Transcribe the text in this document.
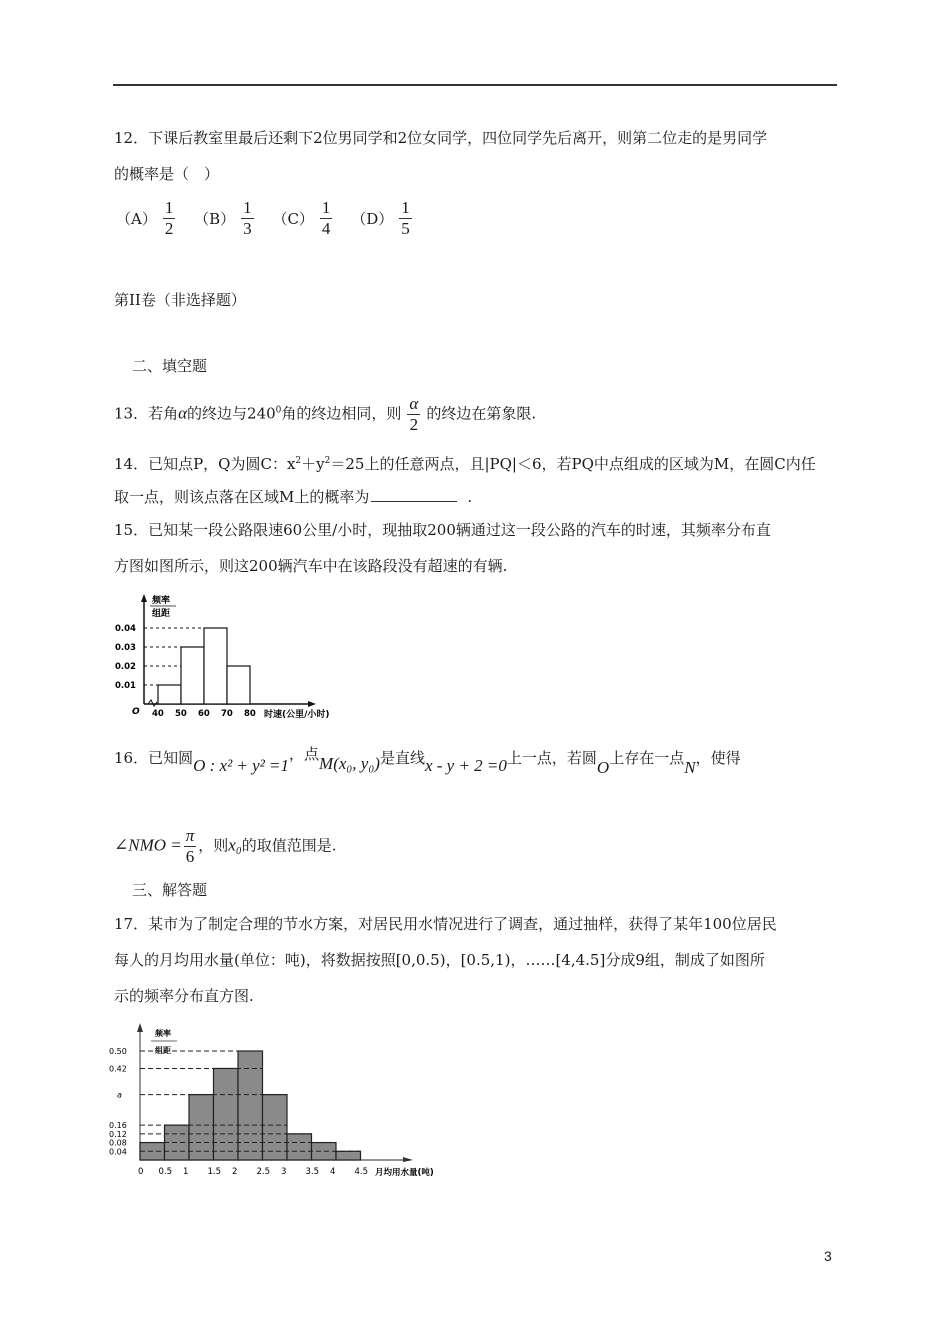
12．下课后教室里最后还剩下2位男同学和2位女同学，四位同学先后离开，则第二位走的是男同学
的概率是（　）
$(A) \frac{1}{2}$
$(B) \frac{1}{3}$
$(C) \frac{1}{4}$
$(D) \frac{1}{5}$
第II卷（非选择题）
二、填空题
13．若角α的终边与$240^0$角的终边相同，则 $\frac{\alpha}{2}$ 的终边在第象限.
14．已知点P，Q为圆C：$x^2+y^2=25$上的任意两点，且|PQ|＜6，若PQ中点组成的区域为M，在圆C内任
取一点，则该点落在区域M上的概率为	.
15．已知某一段公路限速60公里/小时，现抽取200辆通过这一段公路的汽车的时速，其频率分布直
方图如图所示，则这200辆汽车中在该路段没有超速的有辆.
频率
组距
0.01
0.02
0.03
0.04
40 50 60 70 80
O	时速(公里/小时)
16．已知圆O : x² + y² =1，点M(x₀, y₀)是直线x - y + 2 =0上一点，若圆O上存在一点N，使得
∠NMO = $\frac{\pi}{6}$ ，则x₀的取值范围是.
三、解答题
17．某市为了制定合理的节水方案，对居民用水情况进行了调查，通过抽样，获得了某年100位居民
每人的月均用水量(单位：吨)，将数据按照[0,0.5)，[0.5,1)，……[4,4.5]分成9组，制成了如图所
示的频率分布直方图.
频率
组距
0.04
0.08
0.12
0.16
a
0.42
0.50
0 0.5 1 1.5 2 2.5 3 3.5 4 4.5 月均用水量(吨)
3
